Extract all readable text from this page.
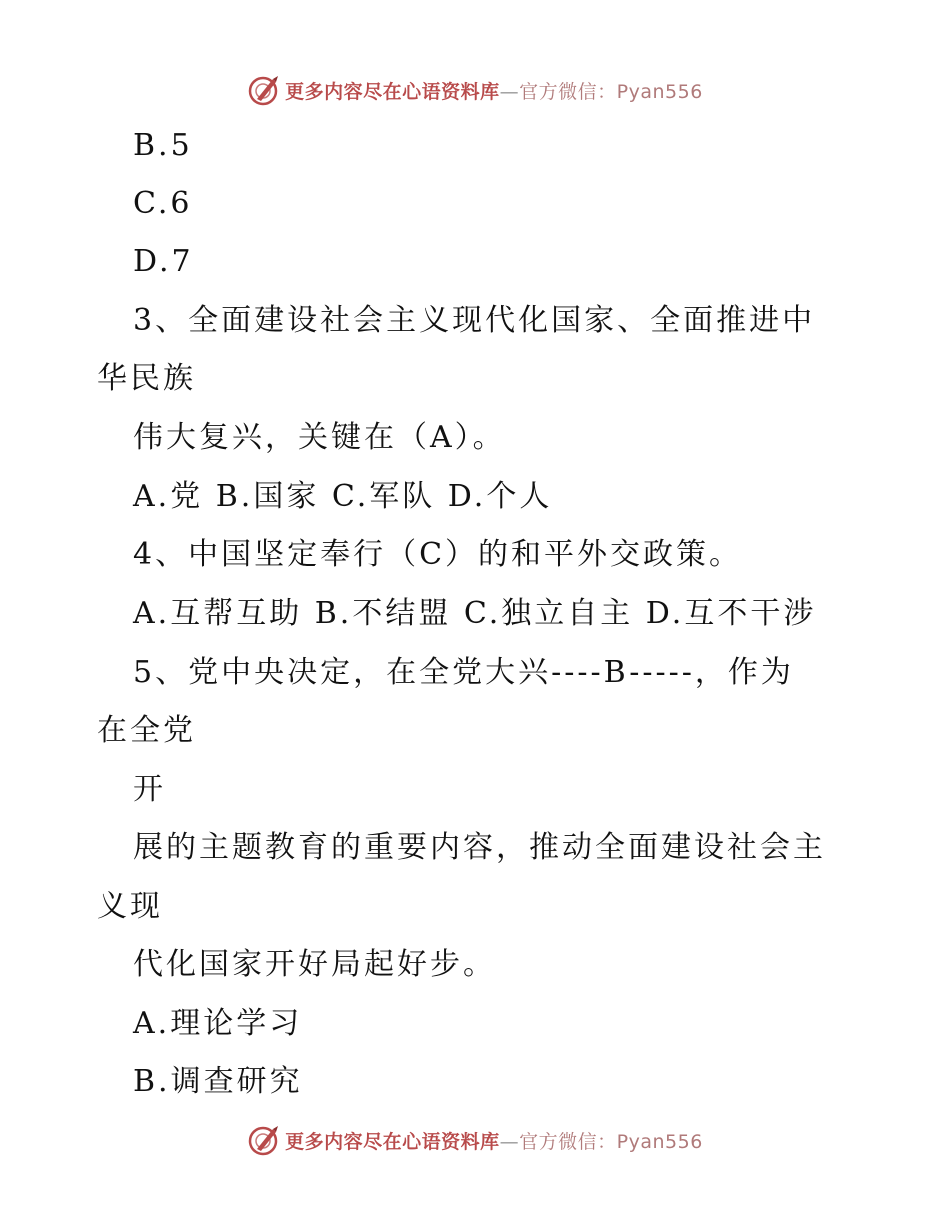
更多内容尽在心语资料库—官方微信：Pyan556
B.5
C.6
D.7
3、全面建设社会主义现代化国家、全面推进中
华民族
伟大复兴，关键在（A）。
A.党 B.国家 C.军队 D.个人
4、中国坚定奉行（C）的和平外交政策。
A.互帮互助 B.不结盟 C.独立自主 D.互不干涉
5、党中央决定，在全党大兴----B-----，作为
在全党
开
展的主题教育的重要内容，推动全面建设社会主
义现
代化国家开好局起好步。
A.理论学习
B.调查研究
更多内容尽在心语资料库—官方微信：Pyan556
